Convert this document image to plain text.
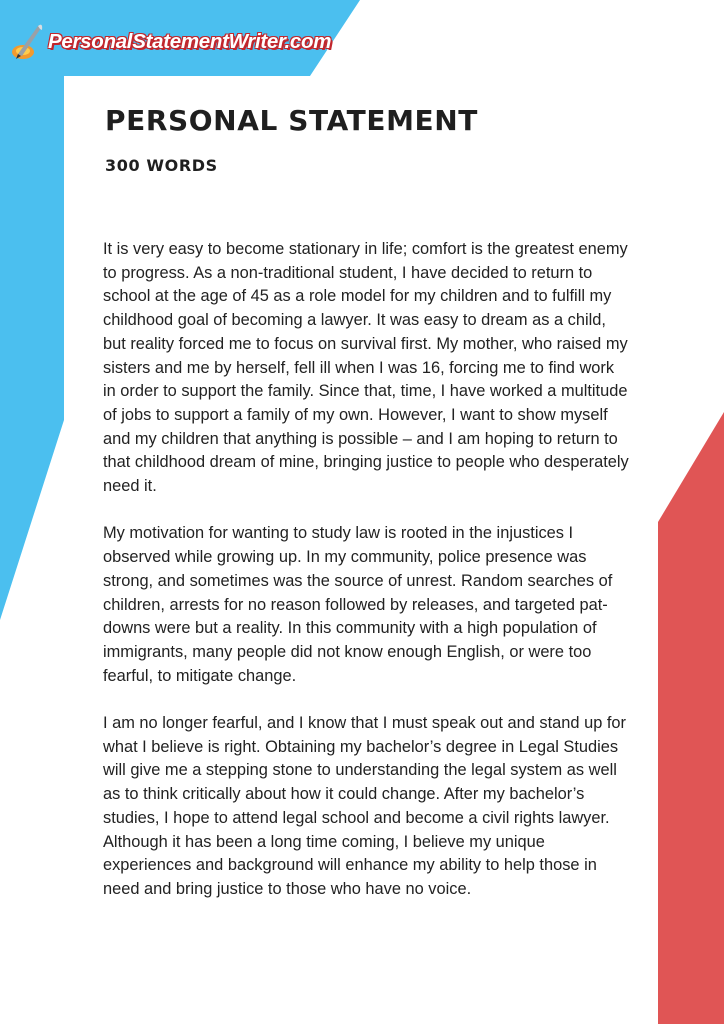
PersonalStatementWriter.com
PERSONAL STATEMENT
300 WORDS

It is very easy to become stationary in life; comfort is the greatest enemy to progress. As a non-traditional student, I have decided to return to school at the age of 45 as a role model for my children and to fulfill my childhood goal of becoming a lawyer. It was easy to dream as a child, but reality forced me to focus on survival first. My mother, who raised my sisters and me by herself, fell ill when I was 16, forcing me to find work in order to support the family. Since that, time, I have worked a multitude of jobs to support a family of my own. However, I want to show myself and my children that anything is possible – and I am hoping to return to that childhood dream of mine, bringing justice to people who desperately need it.

My motivation for wanting to study law is rooted in the injustices I observed while growing up. In my community, police presence was strong, and sometimes was the source of unrest. Random searches of children, arrests for no reason followed by releases, and targeted pat-downs were but a reality. In this community with a high population of immigrants, many people did not know enough English, or were too fearful, to mitigate change.

I am no longer fearful, and I know that I must speak out and stand up for what I believe is right. Obtaining my bachelor’s degree in Legal Studies will give me a stepping stone to understanding the legal system as well as to think critically about how it could change. After my bachelor’s studies, I hope to attend legal school and become a civil rights lawyer. Although it has been a long time coming, I believe my unique experiences and background will enhance my ability to help those in need and bring justice to those who have no voice.
